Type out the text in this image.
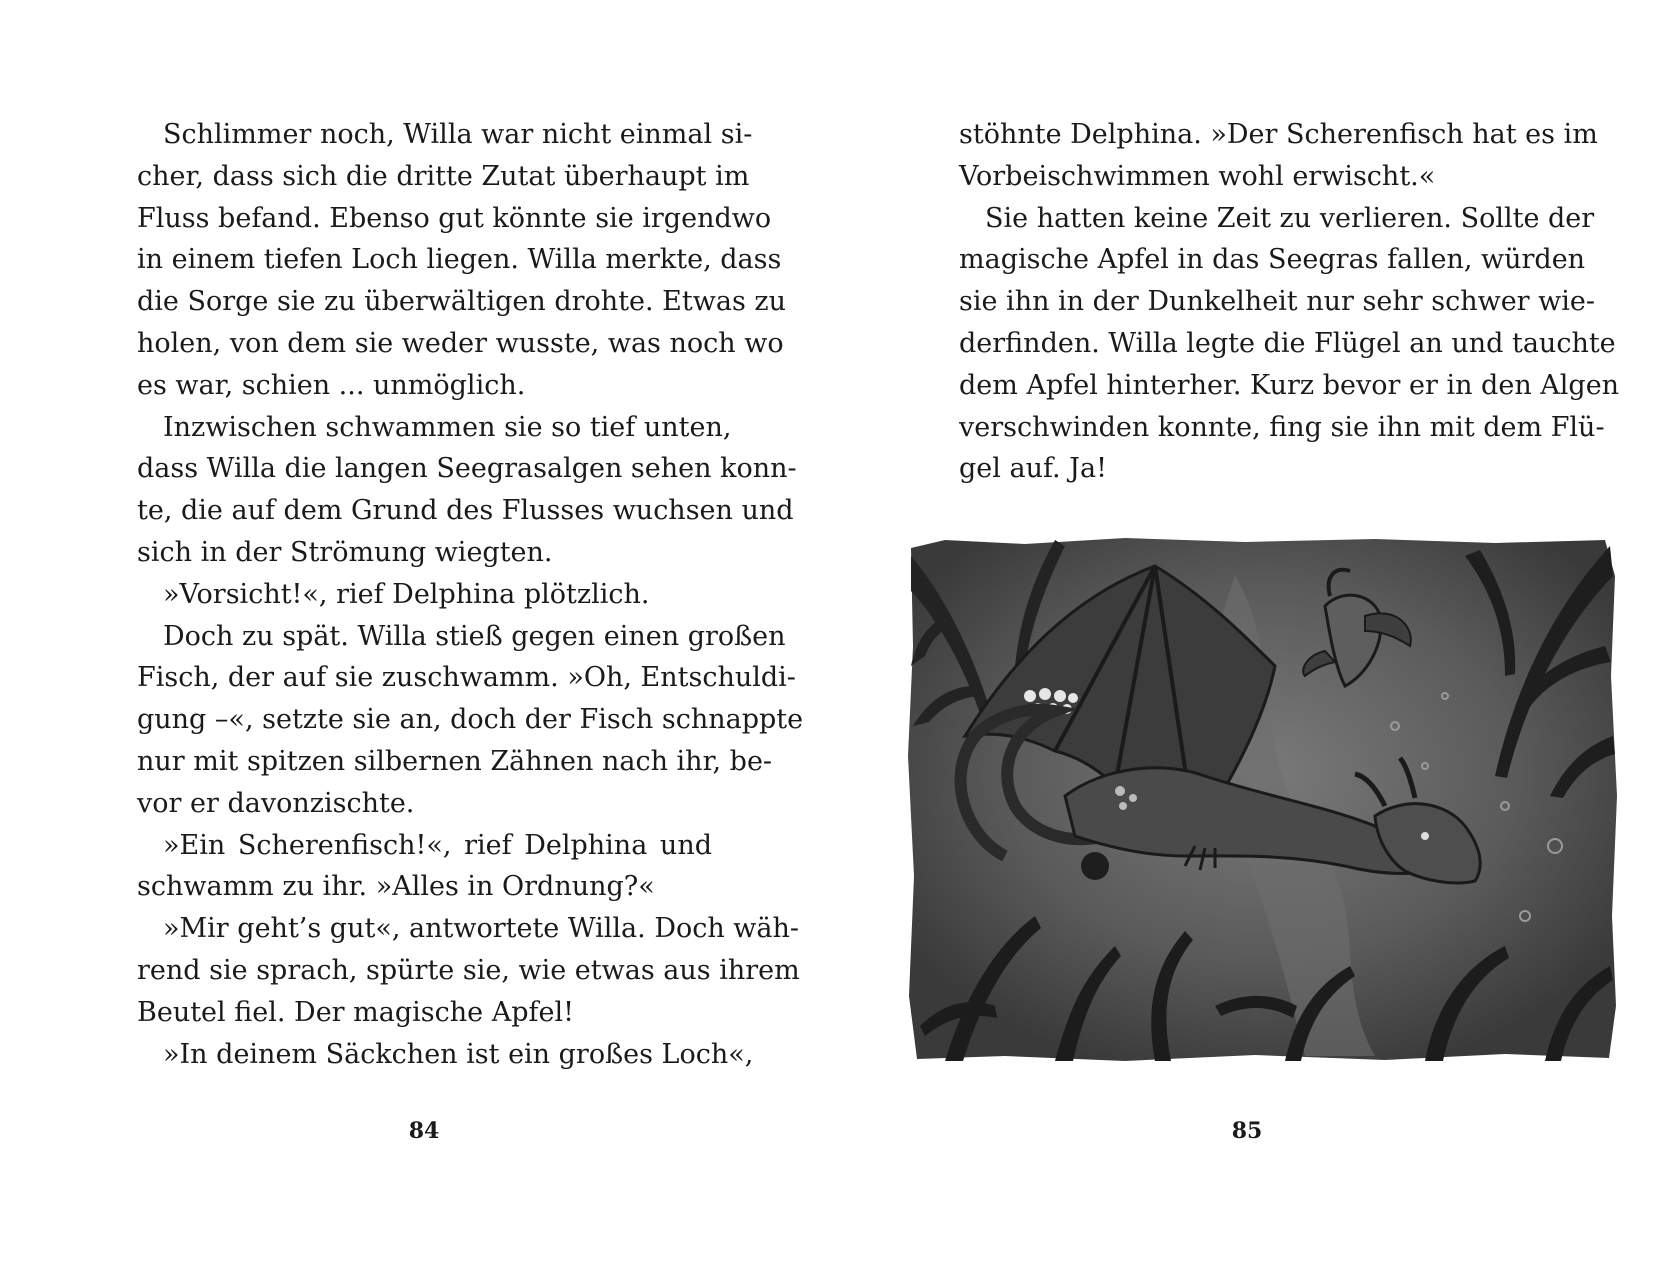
Schlimmer noch, Willa war nicht einmal si-
cher, dass sich die dritte Zutat überhaupt im
Fluss befand. Ebenso gut könnte sie irgendwo
in einem tiefen Loch liegen. Willa merkte, dass
die Sorge sie zu überwältigen drohte. Etwas zu
holen, von dem sie weder wusste, was noch wo
es war, schien ... unmöglich.
Inzwischen schwammen sie so tief unten,
dass Willa die langen Seegrasalgen sehen konn-
te, die auf dem Grund des Flusses wuchsen und
sich in der Strömung wiegten.
»Vorsicht!«, rief Delphina plötzlich.
Doch zu spät. Willa stieß gegen einen großen
Fisch, der auf sie zuschwamm. »Oh, Entschuldi-
gung –«, setzte sie an, doch der Fisch schnappte
nur mit spitzen silbernen Zähnen nach ihr, be-
vor er davonzischte.
»Ein Scherenfisch!«, rief Delphina und
schwamm zu ihr. »Alles in Ordnung?«
»Mir geht’s gut«, antwortete Willa. Doch wäh-
rend sie sprach, spürte sie, wie etwas aus ihrem
Beutel fiel. Der magische Apfel!
»In deinem Säckchen ist ein großes Loch«,
84
stöhnte Delphina. »Der Scherenfisch hat es im
Vorbeischwimmen wohl erwischt.«
Sie hatten keine Zeit zu verlieren. Sollte der
magische Apfel in das Seegras fallen, würden
sie ihn in der Dunkelheit nur sehr schwer wie-
derfinden. Willa legte die Flügel an und tauchte
dem Apfel hinterher. Kurz bevor er in den Algen
verschwinden konnte, fing sie ihn mit dem Flü-
gel auf. Ja!
85
